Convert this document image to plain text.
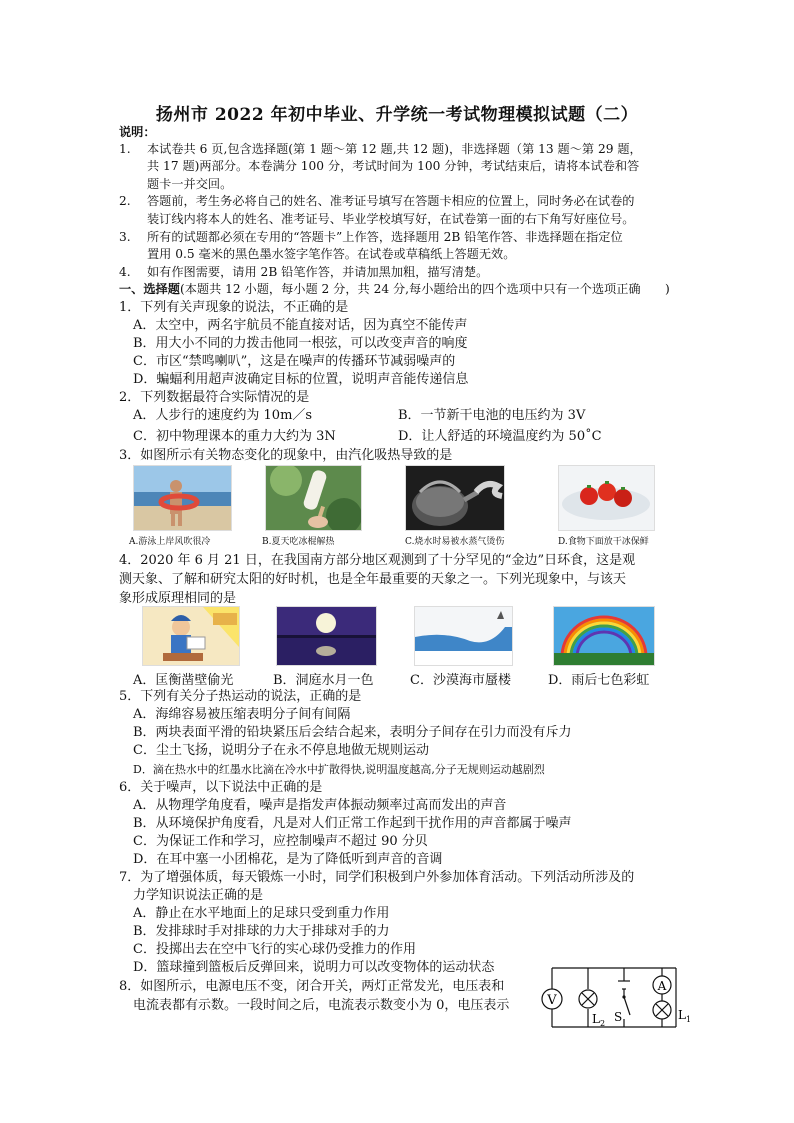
扬州市 2022 年初中毕业、升学统一考试物理模拟试题（二）
说明：
1. 本试卷共 6 页,包含选择题(第 1 题～第 12 题,共 12 题)，非选择题（第 13 题～第 29 题，
共 17 题)两部分。本卷满分 100 分，考试时间为 100 分钟，考试结束后，请将本试卷和答
题卡一并交回。
2. 答题前，考生务必将自己的姓名、准考证号填写在答题卡相应的位置上，同时务必在试卷的
装订线内将本人的姓名、准考证号、毕业学校填写好，在试卷第一面的右下角写好座位号。
3. 所有的试题都必须在专用的“答题卡”上作答，选择题用 2B 铅笔作答、非选择题在指定位
置用 0.5 毫米的黑色墨水签字笔作答。在试卷或草稿纸上答题无效。
4. 如有作图需要，请用 2B 铅笔作答，并请加黑加粗，描写清楚。
一、选择题(本题共 12 小题，每小题 2 分，共 24 分,每小题给出的四个选项中只有一个选项正确　　)
1．下列有关声现象的说法，不正确的是
A．太空中，两名宇航员不能直接对话，因为真空不能传声
B．用大小不同的力拨击他同一根弦，可以改变声音的响度
C．市区“禁鸣喇叭”，这是在噪声的传播环节减弱噪声的
D．蝙蝠利用超声波确定目标的位置，说明声音能传递信息
2．下列数据最符合实际情况的是
A．人步行的速度约为 10m／s	B．一节新干电池的电压约为 3V
C．初中物理课本的重力大约为 3N	D．让人舒适的环境温度约为 50˚C
3．如图所示有关物态变化的现象中，由汽化吸热导致的是
A.游泳上岸风吹很冷	B.夏天吃冰棍解热	C.烧水时易被水蒸气烫伤	D.食物下面放干冰保鲜
4．2020 年 6 月 21 日，在我国南方部分地区观测到了十分罕见的“金边”日环食，这是观
测天象、了解和研究太阳的好时机，也是全年最重要的天象之一。下列光现象中，与该天
象形成原理相同的是
A．匡衡凿壁偷光	B．洞庭水月一色	C．沙漠海市蜃楼	D．雨后七色彩虹
5．下列有关分子热运动的说法，正确的是
A．海绵容易被压缩表明分子间有间隔
B．两块表面平滑的铅块紧压后会结合起来，表明分子间存在引力而没有斥力
C．尘土飞扬，说明分子在永不停息地做无规则运动
D．滴在热水中的红墨水比滴在冷水中扩散得快,说明温度越高,分子无规则运动越剧烈
6．关于噪声，以下说法中正确的是
A．从物理学角度看，噪声是指发声体振动频率过高而发出的声音
B．从环境保护角度看，凡是对人们正常工作起到干扰作用的声音都属于噪声
C．为保证工作和学习，应控制噪声不超过 90 分贝
D．在耳中塞一小团棉花，是为了降低听到声音的音调
7．为了增强体质，每天锻炼一小时，同学们积极到户外参加体育活动。下列活动所涉及的
力学知识说法正确的是
A．静止在水平地面上的足球只受到重力作用
B．发排球时手对排球的力大于排球对手的力
C．投掷出去在空中飞行的实心球仍受推力的作用
D．篮球撞到篮板后反弹回来，说明力可以改变物体的运动状态
8．如图所示，电源电压不变，闭合开关，两灯正常发光，电压表和
电流表都有示数。一段时间之后，电流表示数变小为 0，电压表示	V
$L_2$ S
A
$L_1$
